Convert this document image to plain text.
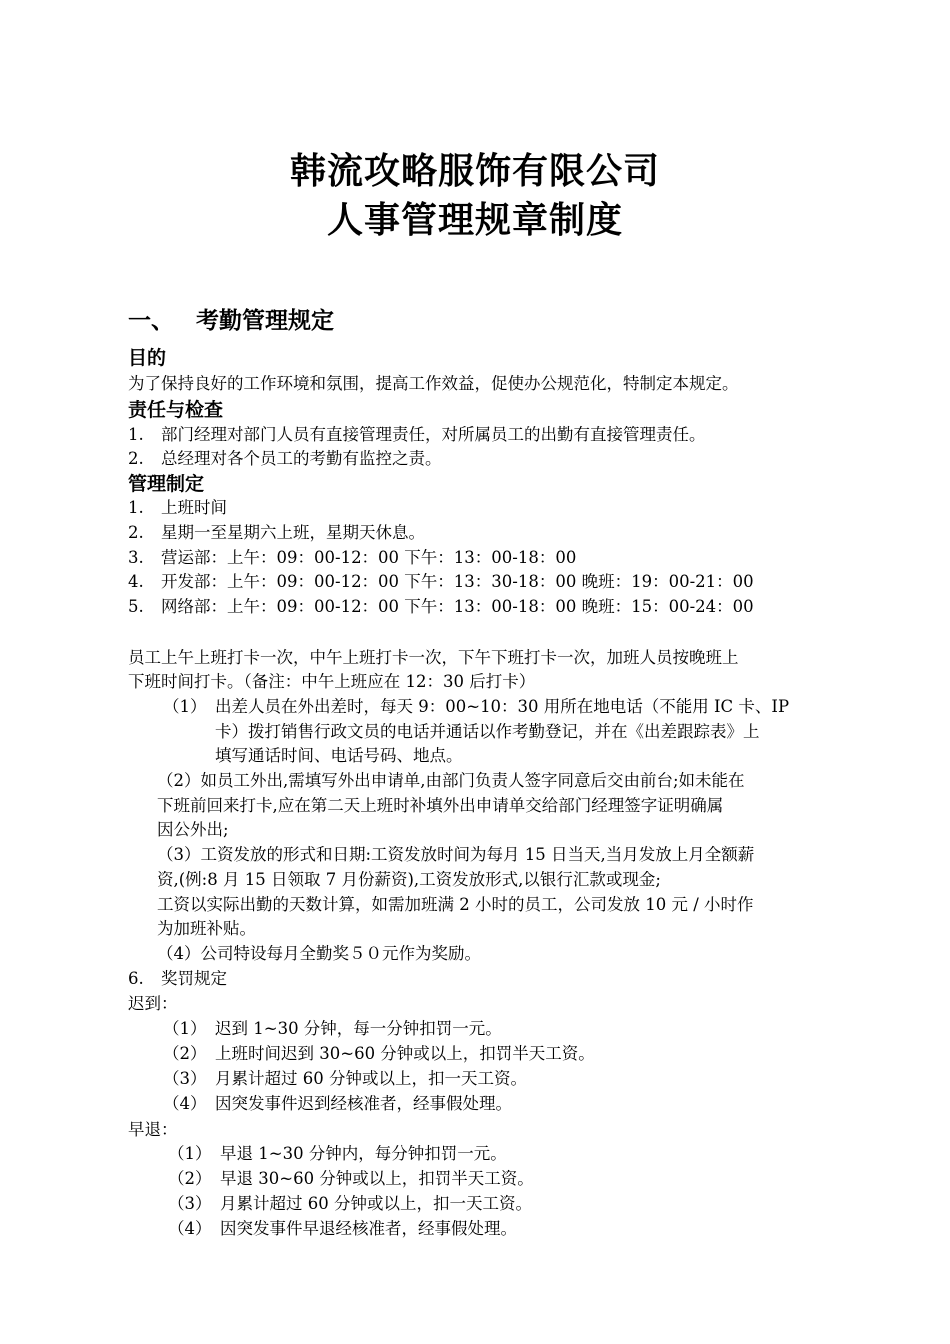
韩流攻略服饰有限公司
人事管理规章制度
一、 考勤管理规定
目的
为了保持良好的工作环境和氛围，提高工作效益，促使办公规范化，特制定本规定。
责任与检查
1. 部门经理对部门人员有直接管理责任，对所属员工的出勤有直接管理责任。
2. 总经理对各个员工的考勤有监控之责。
管理制定
1. 上班时间
2. 星期一至星期六上班，星期天休息。
3. 营运部：上午：09：00-12：00 下午：13：00-18：00
4. 开发部：上午：09：00-12：00 下午：13：30-18：00 晚班：19：00-21：00
5. 网络部：上午：09：00-12：00 下午：13：00-18：00 晚班：15：00-24：00
员工上午上班打卡一次，中午上班打卡一次，下午下班打卡一次，加班人员按晚班上
下班时间打卡。（备注：中午上班应在 12：30 后打卡）
（1） 出差人员在外出差时，每天 9：00~10：30 用所在地电话（不能用 IC 卡、IP
卡）拨打销售行政文员的电话并通话以作考勤登记，并在《出差跟踪表》上
填写通话时间、电话号码、地点。
（2）如员工外出,需填写外出申请单,由部门负责人签字同意后交由前台;如未能在
下班前回来打卡,应在第二天上班时补填外出申请单交给部门经理签字证明确属
因公外出;
（3）工资发放的形式和日期:工资发放时间为每月 15 日当天,当月发放上月全额薪
资,(例:8 月 15 日领取 7 月份薪资),工资发放形式,以银行汇款或现金;
工资以实际出勤的天数计算，如需加班满 2 小时的员工，公司发放 10 元 / 小时作
为加班补贴。
（4）公司特设每月全勤奖５０元作为奖励。
6. 奖罚规定
迟到：
（1） 迟到 1~30 分钟，每一分钟扣罚一元。
（2） 上班时间迟到 30~60 分钟或以上，扣罚半天工资。
（3） 月累计超过 60 分钟或以上，扣一天工资。
（4） 因突发事件迟到经核准者，经事假处理。
早退：
（1） 早退 1~30 分钟内，每分钟扣罚一元。
（2） 早退 30~60 分钟或以上，扣罚半天工资。
（3） 月累计超过 60 分钟或以上，扣一天工资。
（4） 因突发事件早退经核准者，经事假处理。
